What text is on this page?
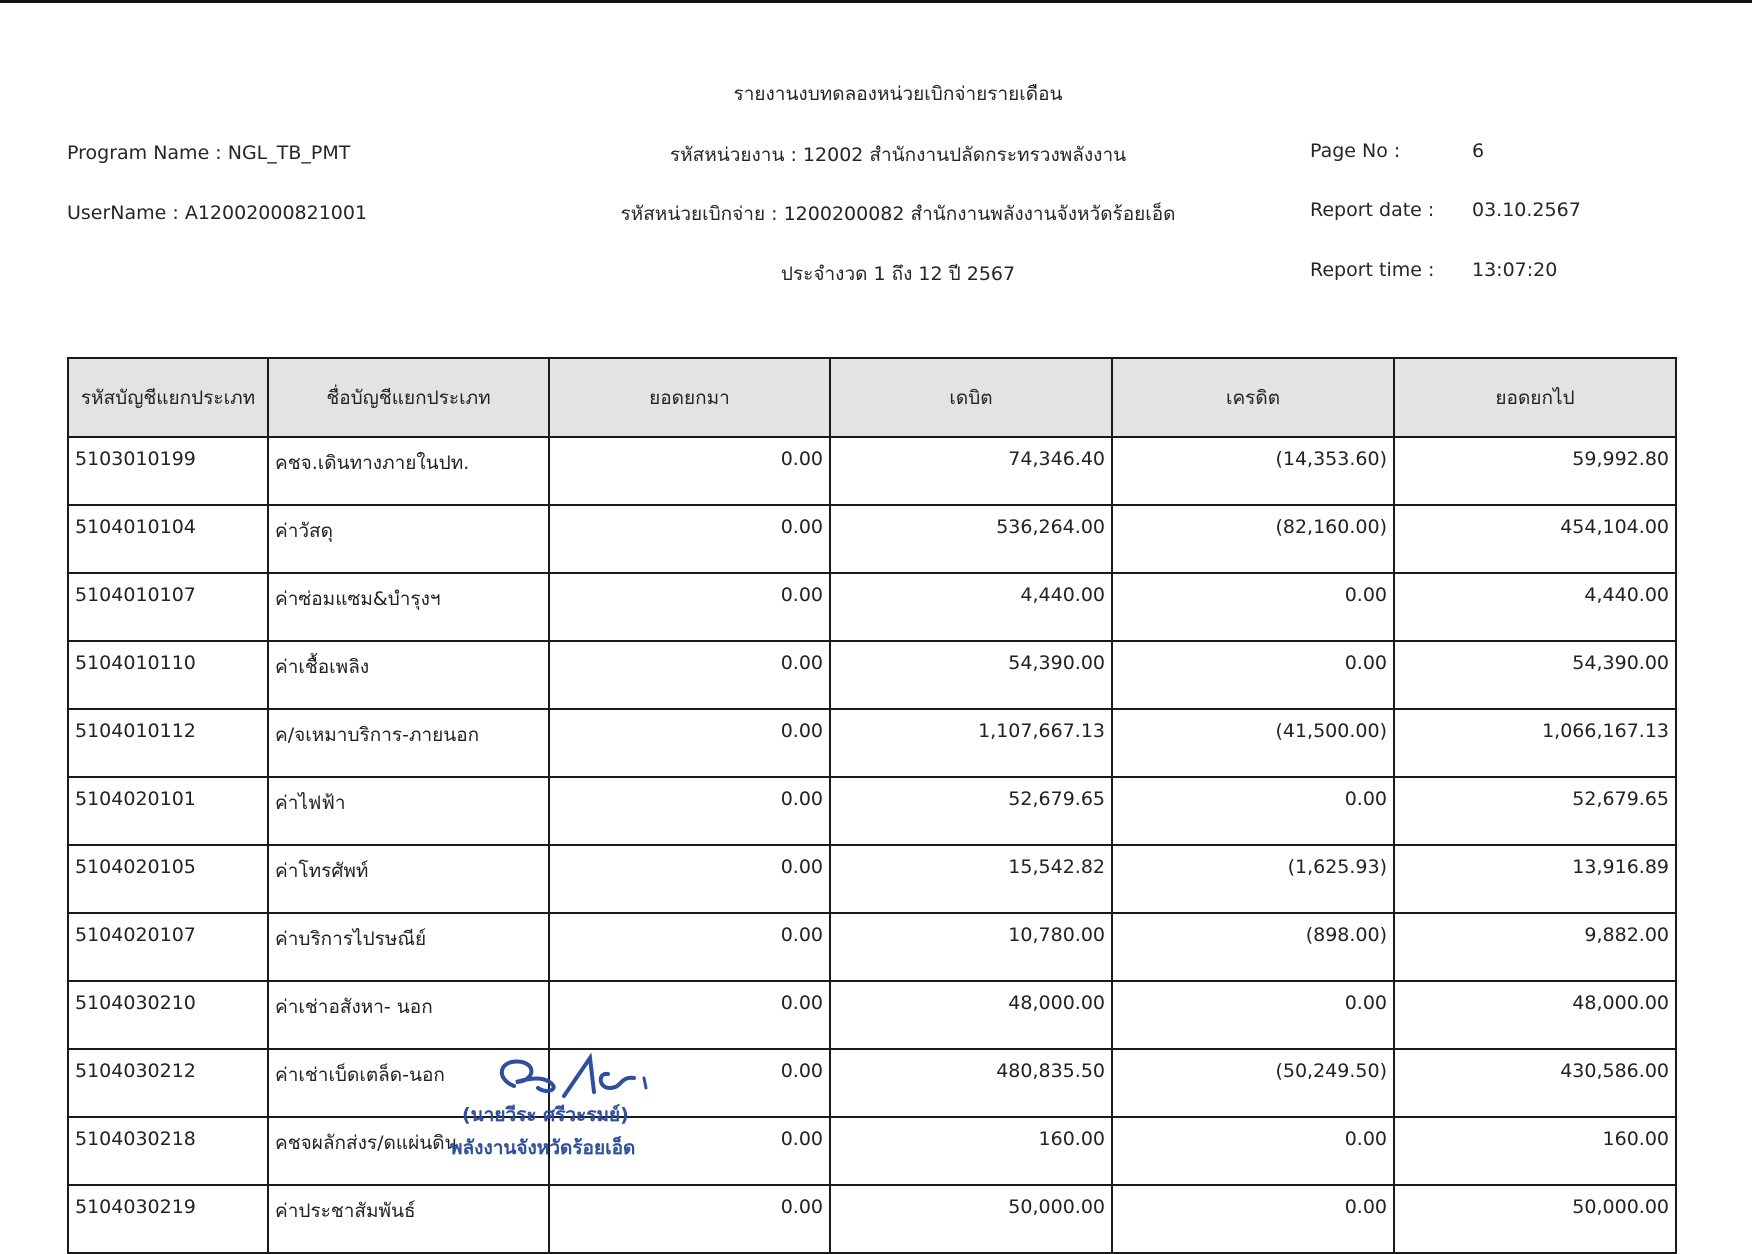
รายงานงบทดลองหน่วยเบิกจ่ายรายเดือน
Program Name : NGL_TB_PMT	รหัสหน่วยงาน : 12002 สำนักงานปลัดกระทรวงพลังงาน	Page No :	6
UserName : A12002000821001	รหัสหน่วยเบิกจ่าย : 1200200082 สำนักงานพลังงานจังหวัดร้อยเอ็ด	Report date : 03.10.2567
ประจำงวด 1 ถึง 12 ปี 2567	Report time : 13:07:20
รหัสบัญชีแยกประเภท	ชื่อบัญชีแยกประเภท	ยอดยกมา	เดบิต	เครดิต	ยอดยกไป
5103010199	คชจ.เดินทางภายในปท.	0.00	74,346.40	(14,353.60)	59,992.80
5104010104	ค่าวัสดุ	0.00	536,264.00	(82,160.00)	454,104.00
5104010107	ค่าซ่อมแซม&บำรุงฯ	0.00	4,440.00	0.00	4,440.00
5104010110	ค่าเชื้อเพลิง	0.00	54,390.00	0.00	54,390.00
5104010112	ค/จเหมาบริการ-ภายนอก	0.00	1,107,667.13	(41,500.00)	1,066,167.13
5104020101	ค่าไฟฟ้า	0.00	52,679.65	0.00	52,679.65
5104020105	ค่าโทรศัพท์	0.00	15,542.82	(1,625.93)	13,916.89
5104020107	ค่าบริการไปรษณีย์	0.00	10,780.00	(898.00)	9,882.00
5104030210	ค่าเช่าอสังหา- นอก	0.00	48,000.00	0.00	48,000.00
5104030212	ค่าเช่าเบ็ดเตล็ด-นอก	0.00	480,835.50	(50,249.50)	430,586.00
5104030218	คชจผลักส่งร/ดแผ่นดิน	0.00	160.00	0.00	160.00
5104030219	ค่าประชาสัมพันธ์	0.00	50,000.00	0.00	50,000.00
(นายวีระ ศรีวะรมย์)
พลังงานจังหวัดร้อยเอ็ด
